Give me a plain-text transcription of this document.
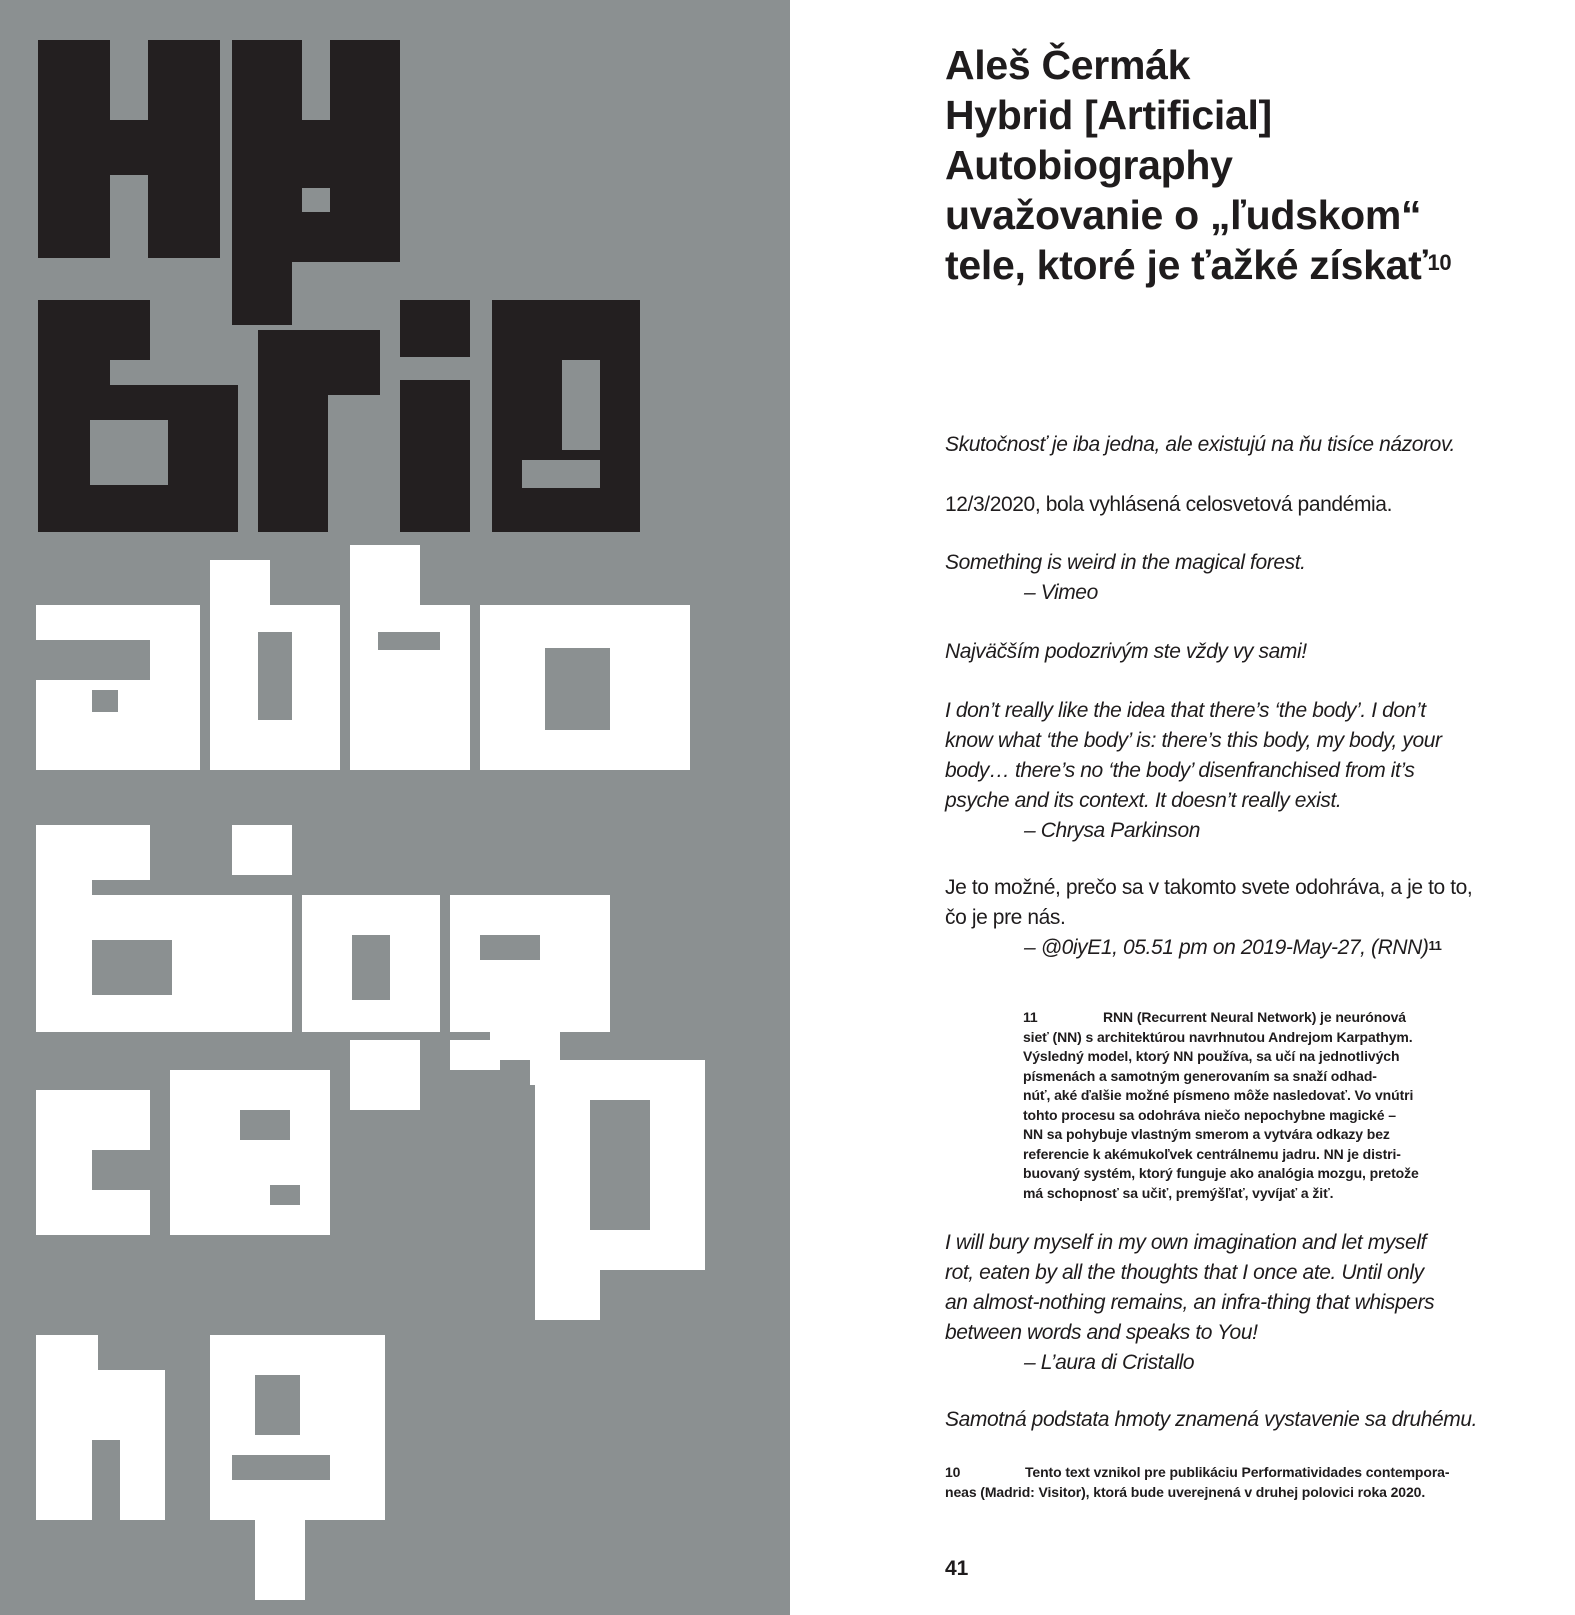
Aleš Čermák
Hybrid [Artificial]
Autobiography
uvažovanie o „ľudskom“
tele, ktoré je ťažké získať$^{10}$
Skutočnosť je iba jedna, ale existujú na ňu tisíce názorov.
12/3/2020, bola vyhlásená celosvetová pandémia.
Something is weird in the magical forest.
– Vimeo
Najväčším podozrivým ste vždy vy sami!
I don’t really like the idea that there’s ‘the body’. I don’t
know what ‘the body’ is: there’s this body, my body, your
body… there’s no ‘the body’ disenfranchised from it’s
psyche and its context. It doesn’t really exist.
– Chrysa Parkinson
Je to možné, prečo sa v takomto svete odohráva, a je to to,
čo je pre nás.
– @0iyE1, 05.51 pm on 2019-May-27, (RNN)$^{11}$
11	RNN (Recurrent Neural Network) je neurónová
sieť (NN) s architektúrou navrhnutou Andrejom Karpathym.
Výsledný model, ktorý NN používa, sa učí na jednotlivých
písmenách a samotným generovaním sa snaží odhad-
núť, aké ďalšie možné písmeno môže nasledovať. Vo vnútri
tohto procesu sa odohráva niečo nepochybne magické –
NN sa pohybuje vlastným smerom a vytvára odkazy bez
referencie k akémukoľvek centrálnemu jadru. NN je distri-
buovaný systém, ktorý funguje ako analógia mozgu, pretože
má schopnosť sa učiť, premýšľať, vyvíjať a žiť.
I will bury myself in my own imagination and let myself
rot, eaten by all the thoughts that I once ate. Until only
an almost-nothing remains, an infra-thing that whispers
between words and speaks to You!
– L’aura di Cristallo
Samotná podstata hmoty znamená vystavenie sa druhému.
10	Tento text vznikol pre publikáciu Performatividades contempora-
neas (Madrid: Visitor), ktorá bude uverejnená v druhej polovici roka 2020.
41
